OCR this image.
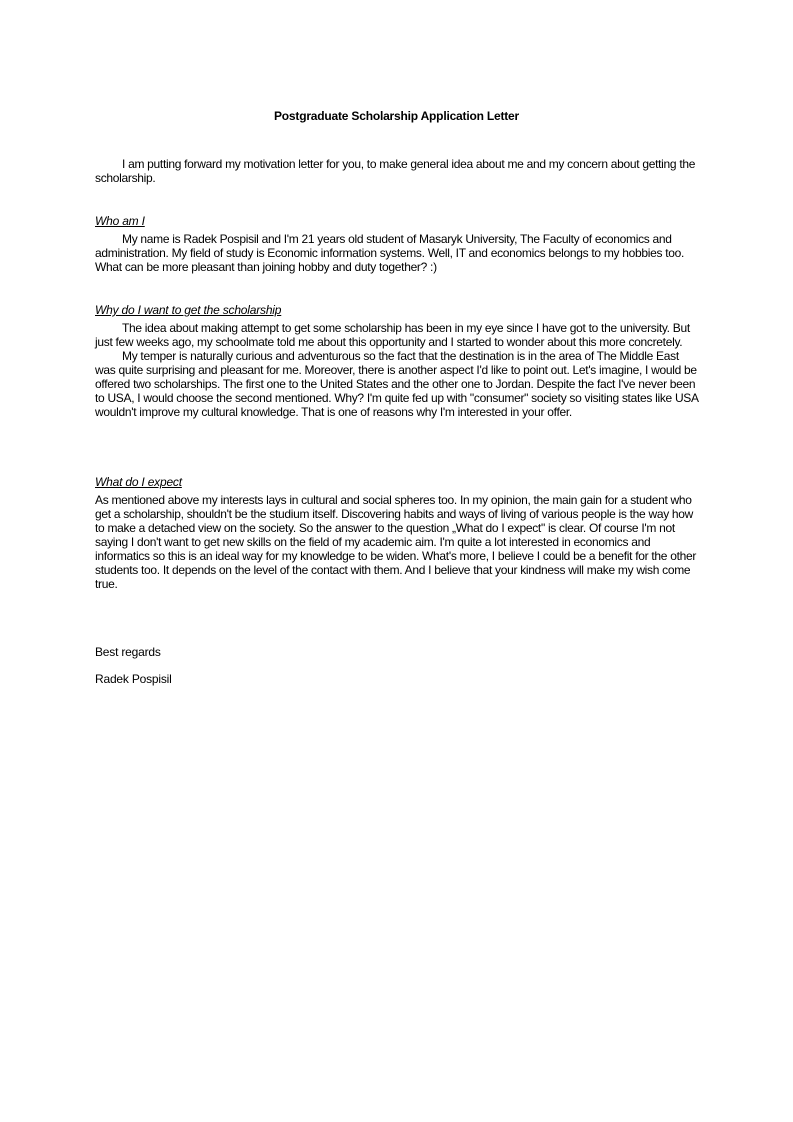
Postgraduate Scholarship Application Letter

I am putting forward my motivation letter for you, to make general idea about me and my concern about getting the scholarship.

Who am I

My name is Radek Pospisil and I'm 21 years old student of Masaryk University, The Faculty of economics and administration. My field of study is Economic information systems. Well, IT and economics belongs to my hobbies too. What can be more pleasant than joining hobby and duty together? :)

Why do I want to get the scholarship

The idea about making attempt to get some scholarship has been in my eye since I have got to the university. But just few weeks ago, my schoolmate told me about this opportunity and I started to wonder about this more concretely.

My temper is naturally curious and adventurous so the fact that the destination is in the area of The Middle East was quite surprising and pleasant for me. Moreover, there is another aspect I'd like to point out. Let's imagine, I would be offered two scholarships. The first one to the United States and the other one to Jordan. Despite the fact I've never been to USA, I would choose the second mentioned. Why? I'm quite fed up with "consumer" society so visiting states like USA wouldn't improve my cultural knowledge. That is one of reasons why I'm interested in your offer.

What do I expect

As mentioned above my interests lays in cultural and social spheres too. In my opinion, the main gain for a student who get a scholarship, shouldn't be the studium itself. Discovering habits and ways of living of various people is the way how to make a detached view on the society. So the answer to the question „What do I expect" is clear. Of course I'm not saying I don't want to get new skills on the field of my academic aim. I'm quite a lot interested in economics and informatics so this is an ideal way for my knowledge to be widen. What's more, I believe I could be a benefit for the other students too. It depends on the level of the contact with them. And I believe that your kindness will make my wish come true.

Best regards
Radek Pospisil
